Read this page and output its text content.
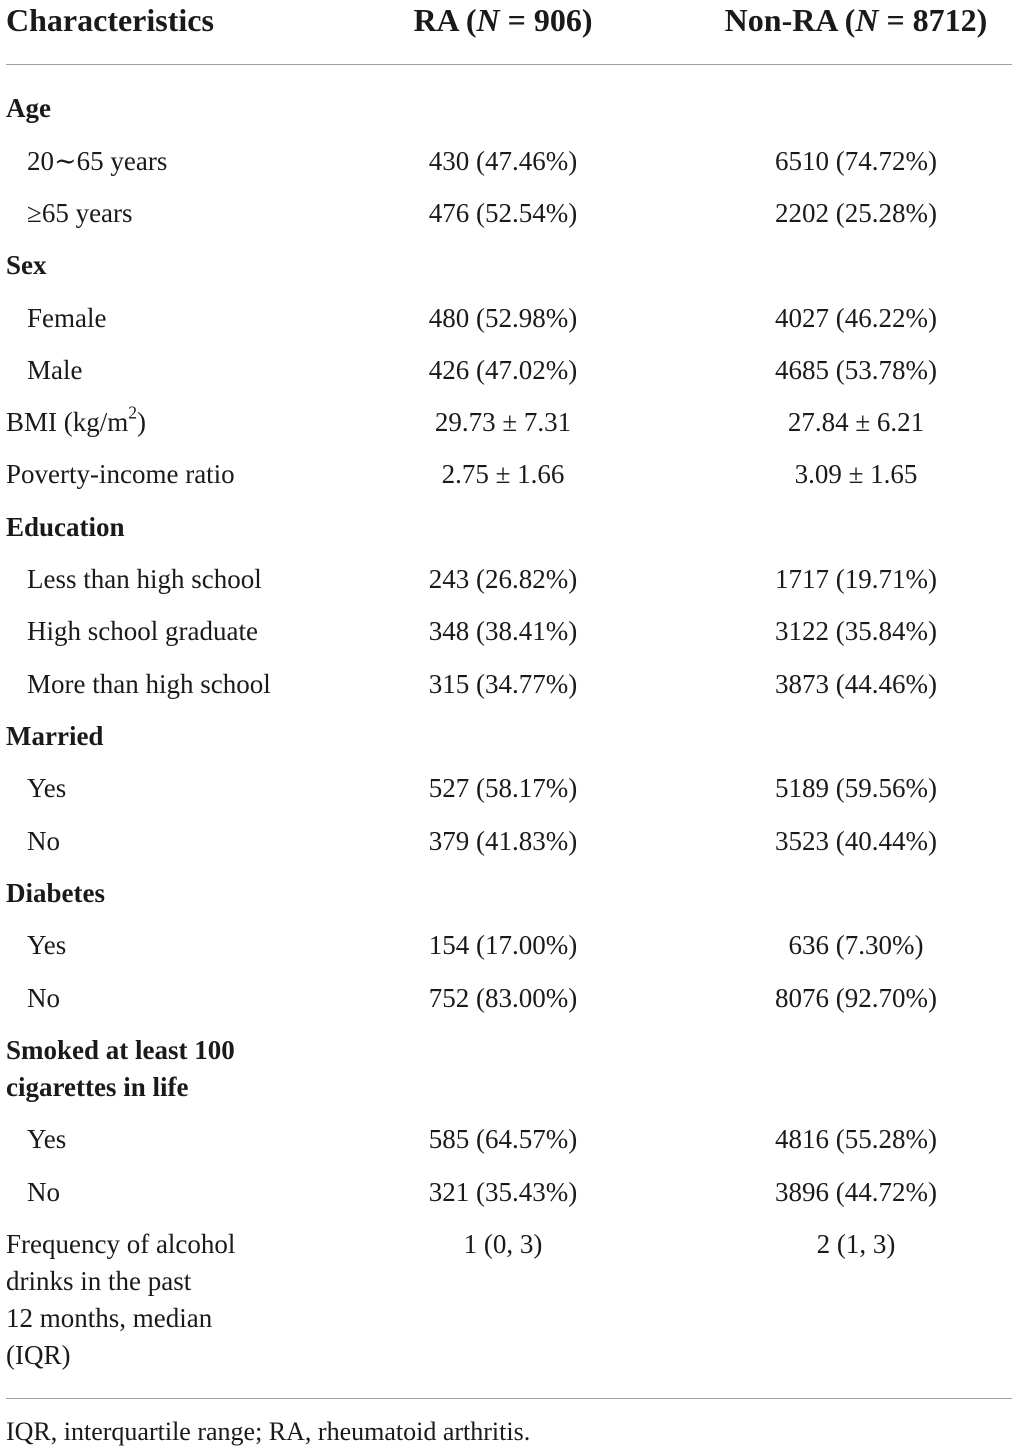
Characteristics	RA (N = 906)	Non-RA (N = 8712)
Age
20∼65 years	430 (47.46%)	6510 (74.72%)
≥65 years	476 (52.54%)	2202 (25.28%)
Sex
Female	480 (52.98%)	4027 (46.22%)
Male	426 (47.02%)	4685 (53.78%)
BMI $(kg/m^2)$	29.73 ± 7.31	27.84 ± 6.21
Poverty-income ratio	2.75 ± 1.66	3.09 ± 1.65
Education
Less than high school	243 (26.82%)	1717 (19.71%)
High school graduate	348 (38.41%)	3122 (35.84%)
More than high school	315 (34.77%)	3873 (44.46%)
Married
Yes	527 (58.17%)	5189 (59.56%)
No	379 (41.83%)	3523 (40.44%)
Diabetes
Yes	154 (17.00%)	636 (7.30%)
No	752 (83.00%)	8076 (92.70%)
Smoked at least 100
cigarettes in life
Yes	585 (64.57%)	4816 (55.28%)
No	321 (35.43%)	3896 (44.72%)
Frequency of alcohol
drinks in the past
12 months, median
(IQR)
1 (0, 3)	2 (1, 3)
IQR, interquartile range; RA, rheumatoid arthritis.
